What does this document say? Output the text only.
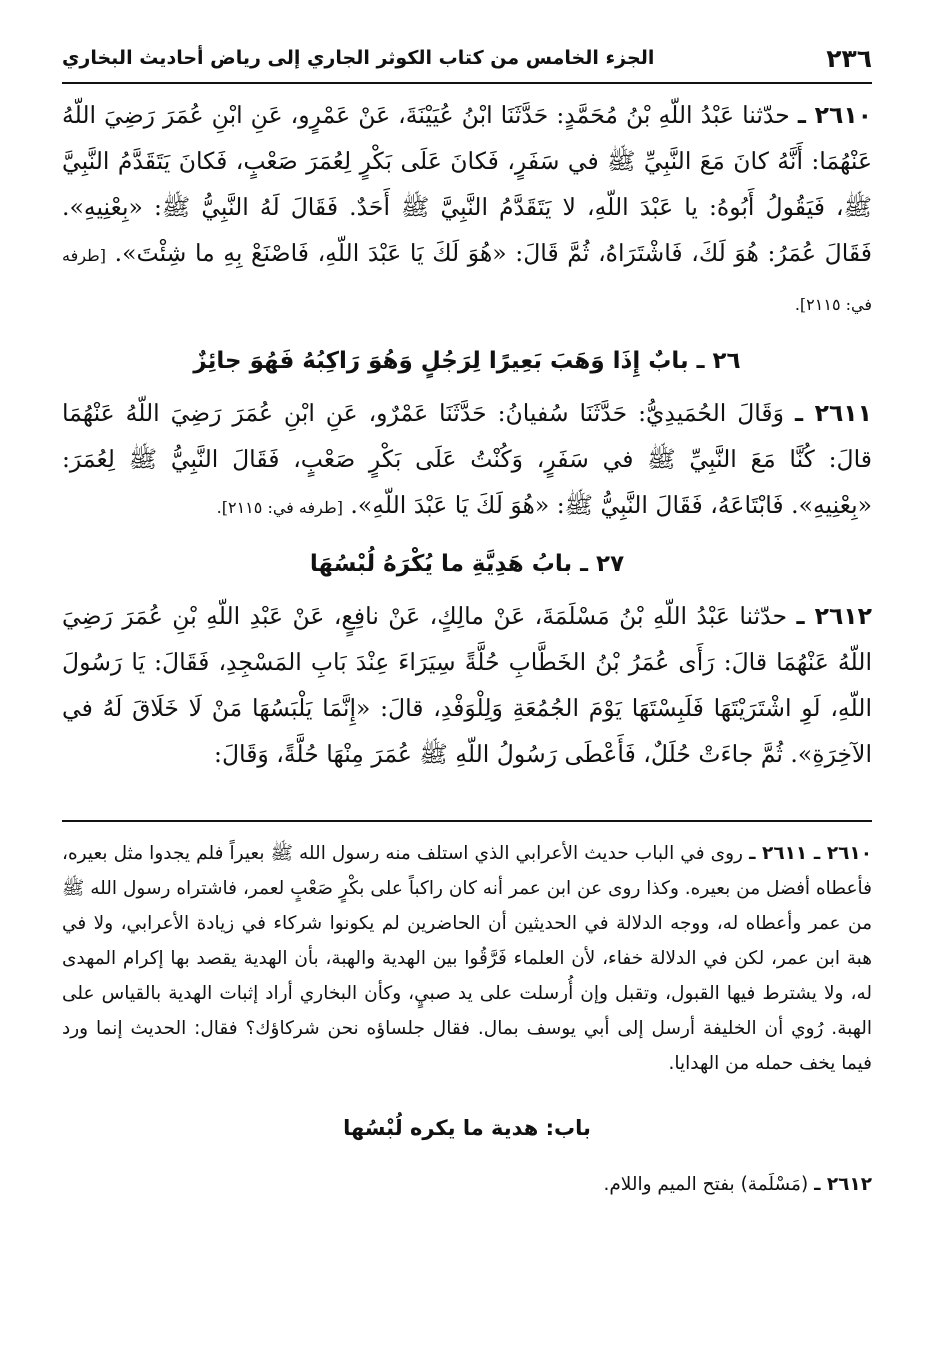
٢٣٦
الجزء الخامس من كتاب الكوثر الجاري إلى رياض أحاديث البخاري

٢٦١٠ ـ حدّثنا عَبْدُ اللّهِ بْنُ مُحَمَّدٍ: حَدَّثَنَا ابْنُ عُيَيْنَةَ، عَنْ عَمْرٍو، عَنِ ابْنِ عُمَرَ رَضِيَ اللّهُ عَنْهُمَا: أَنَّهُ كانَ مَعَ النَّبِيِّ ﷺ في سَفَرٍ، فَكانَ عَلَى بَكْرٍ لِعُمَرَ صَعْبٍ، فَكانَ يَتَقَدَّمُ النَّبِيَّ ﷺ، فَيَقُولُ أَبُوهُ: يا عَبْدَ اللّهِ، لا يَتَقَدَّمُ النَّبِيَّ ﷺ أَحَدٌ. فَقَالَ لَهُ النَّبِيُّ ﷺ: «بِعْنِيهِ». فَقَالَ عُمَرُ: هُوَ لَكَ، فَاشْتَرَاهُ، ثُمَّ قَالَ: «هُوَ لَكَ يَا عَبْدَ اللّهِ، فَاصْنَعْ بِهِ ما شِئْتَ». [طرفه في: ٢١١٥].

٢٦ ـ بابٌ إِذَا وَهَبَ بَعِيرًا لِرَجُلٍ وَهُوَ رَاكِبُهُ فَهُوَ جائِزٌ

٢٦١١ ـ وَقَالَ الحُمَيدِيُّ: حَدَّثَنَا سُفيانُ: حَدَّثَنَا عَمْرٌو، عَنِ ابْنِ عُمَرَ رَضِيَ اللّهُ عَنْهُمَا قالَ: كُنَّا مَعَ النَّبِيِّ ﷺ في سَفَرٍ، وَكُنْتُ عَلَى بَكْرٍ صَعْبٍ، فَقَالَ النَّبِيُّ ﷺ لِعُمَرَ: «بِعْنِيهِ». فَابْتَاعَهُ، فَقَالَ النَّبِيُّ ﷺ: «هُوَ لَكَ يَا عَبْدَ اللّهِ». [طرفه في: ٢١١٥].

٢٧ ـ بابُ هَدِيَّةِ ما يُكْرَهُ لُبْسُهَا

٢٦١٢ ـ حدّثنا عَبْدُ اللّهِ بْنُ مَسْلَمَةَ، عَنْ مالِكٍ، عَنْ نافِعٍ، عَنْ عَبْدِ اللّهِ بْنِ عُمَرَ رَضِيَ اللّهُ عَنْهُمَا قالَ: رَأَى عُمَرُ بْنُ الخَطَّابِ حُلَّةً سِيَرَاءَ عِنْدَ بَابِ المَسْجِدِ، فَقَالَ: يَا رَسُولَ اللّهِ، لَوِ اشْتَرَيْتَهَا فَلَبِسْتَهَا يَوْمَ الجُمُعَةِ وَلِلْوَفْدِ، قالَ: «إِنَّمَا يَلْبَسُهَا مَنْ لَا خَلَاقَ لَهُ في الآخِرَةِ». ثُمَّ جاءَتْ حُلَلٌ، فَأَعْطَى رَسُولُ اللّهِ ﷺ عُمَرَ مِنْهَا حُلَّةً، وَقَالَ:

٢٦١٠ ـ ٢٦١١ ـ روى في الباب حديث الأعرابي الذي استلف منه رسول الله ﷺ بعيراً فلم يجدوا مثل بعيره، فأعطاه أفضل من بعيره. وكذا روى عن ابن عمر أنه كان راكباً على بكْرٍ صَعْبٍ لعمر، فاشتراه رسول الله ﷺ من عمر وأعطاه له، ووجه الدلالة في الحديثين أن الحاضرين لم يكونوا شركاء في زيادة الأعرابي، ولا في هبة ابن عمر، لكن في الدلالة خفاء، لأن العلماء فَرَّقُوا بين الهدية والهبة، بأن الهدية يقصد بها إكرام المهدى له، ولا يشترط فيها القبول، وتقبل وإن أُرسلت على يد صبيٍ، وكأن البخاري أراد إثبات الهدية بالقياس على الهبة. رُوي أن الخليفة أرسل إلى أبي يوسف بمال. فقال جلساؤه نحن شركاؤك؟ فقال: الحديث إنما ورد فيما يخف حمله من الهدايا.

باب: هدية ما يكره لُبْسُها

٢٦١٢ ـ (مَسْلَمة) بفتح الميم واللام.
